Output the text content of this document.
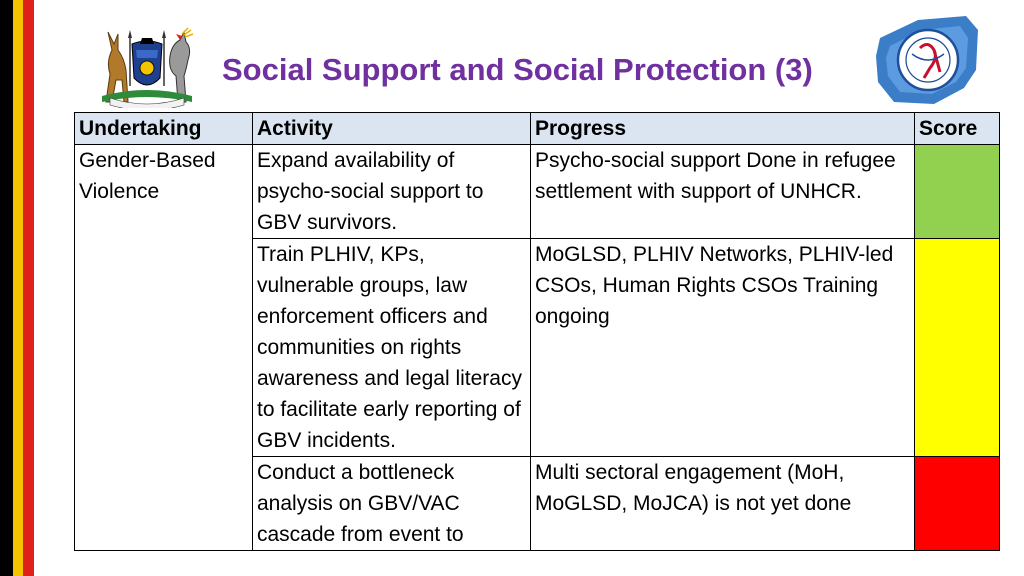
Social Support and Social Protection (3)
Undertaking	Activity	Progress	Score
Gender-Based Violence	Expand availability of psycho-social support to GBV survivors.	Psycho-social support Done in refugee settlement with support of UNHCR.	
	Train PLHIV, KPs, vulnerable groups, law enforcement officers and communities on rights awareness and legal literacy to facilitate early reporting of GBV incidents.	MoGLSD, PLHIV Networks, PLHIV-led CSOs, Human Rights CSOs Training ongoing	
	Conduct a bottleneck analysis on GBV/VAC cascade from event to	Multi sectoral engagement (MoH, MoGLSD, MoJCA) is not yet done	
